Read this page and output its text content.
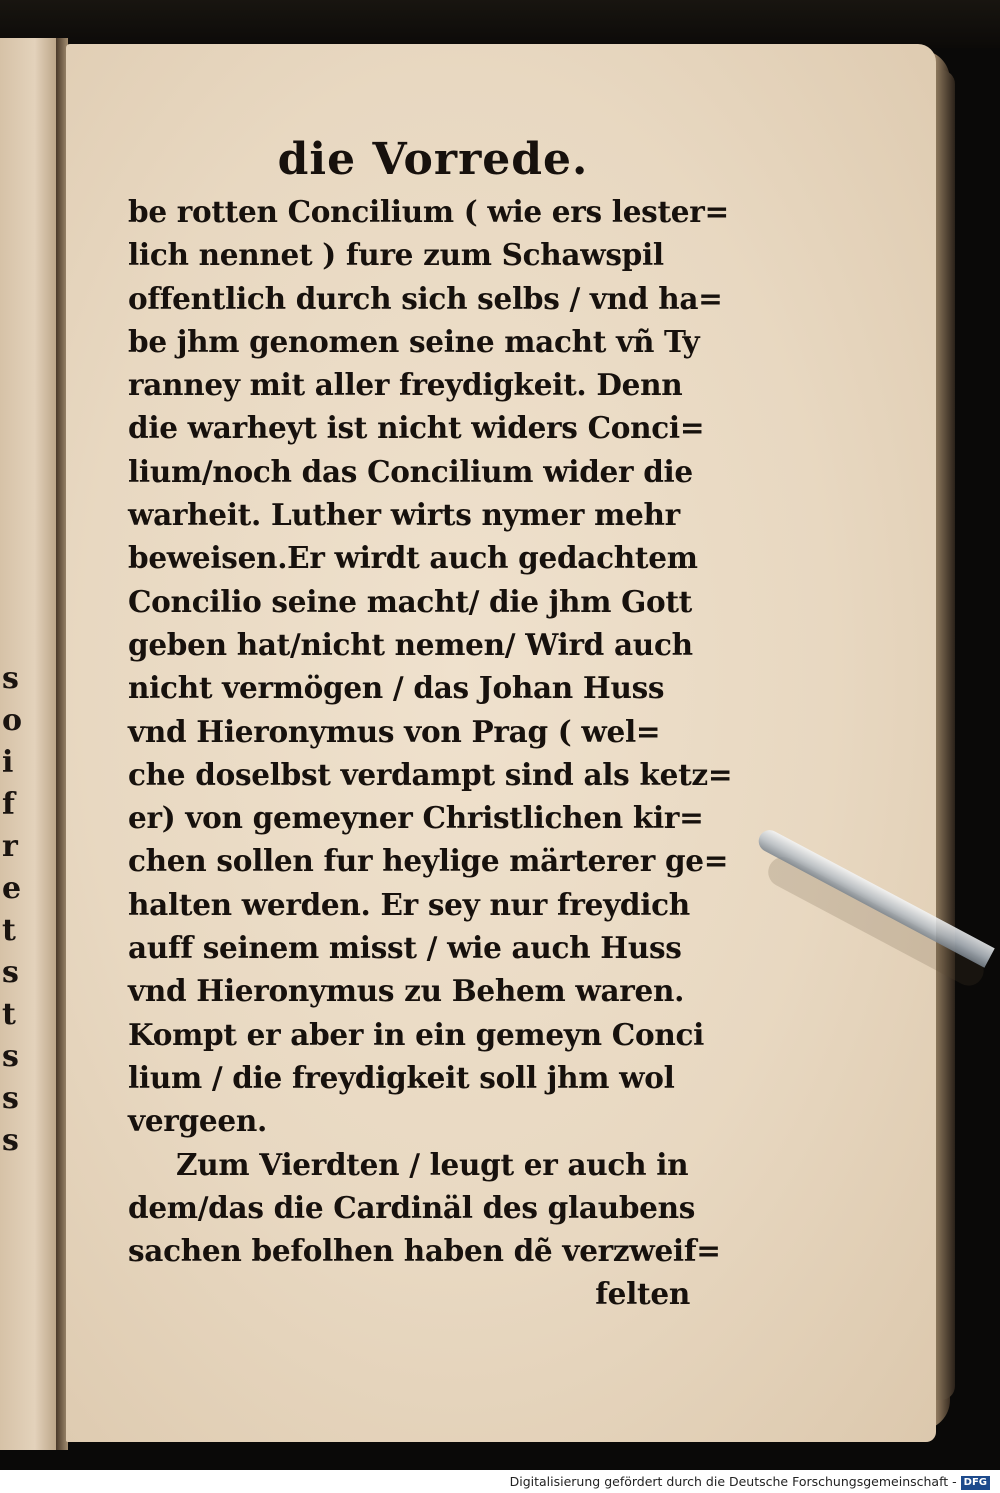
s
o
i
f
r
e
t
s
t
s
s
s
die Vorrede.
be rotten Concilium ( wie ers lester=
lich nennet ) fure zum Schawspil
offentlich durch sich selbs / vnd ha=
be jhm genomen seine macht vñ Ty
ranney mit aller freydigkeit. Denn
die warheyt ist nicht widers Conci=
lium/noch das Concilium wider die
warheit. Luther wirts nymer mehr
beweisen.Er wirdt auch gedachtem
Concilio seine macht/ die jhm Gott
geben hat/nicht nemen/ Wird auch
nicht vermögen / das Johan Huss
vnd Hieronymus von Prag ( wel=
che doselbst verdampt sind als ketz=
er) von gemeyner Christlichen kir=
chen sollen fur heylige märterer ge=
halten werden. Er sey nur freydich
auff seinem misst / wie auch Huss
vnd Hieronymus zu Behem waren.
Kompt er aber in ein gemeyn Conci
lium / die freydigkeit soll jhm wol
vergeen.
Zum Vierdten / leugt er auch in
dem/das die Cardinäl des glaubens
sachen befolhen haben dẽ verzweif=
felten
Digitalisierung gefördert durch die Deutsche Forschungsgemeinschaft - DFG
